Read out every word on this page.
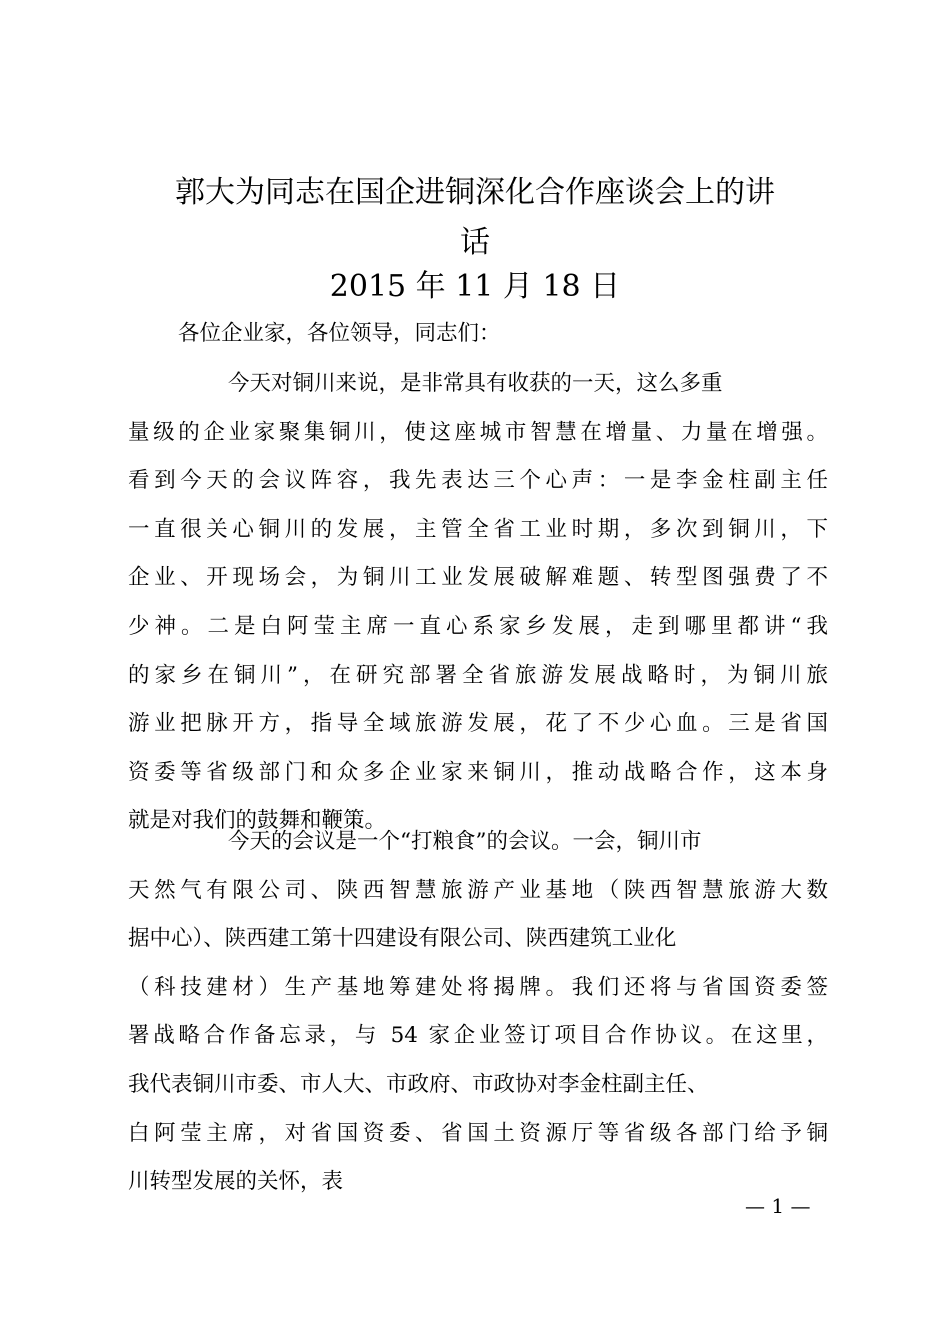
郭大为同志在国企进铜深化合作座谈会上的讲
话
2015 年 11 月 18 日

各位企业家，各位领导，同志们：

今天对铜川来说，是非常具有收获的一天，这么多重
量级的企业家聚集铜川，使这座城市智慧在增量、力量在增强。
看到今天的会议阵容，我先表达三个心声：一是李金柱副主任
一直很关心铜川的发展，主管全省工业时期，多次到铜川，下
企业、开现场会，为铜川工业发展破解难题、转型图强费了不
少神。二是白阿莹主席一直心系家乡发展，走到哪里都讲“我
的家乡在铜川”，在研究部署全省旅游发展战略时，为铜川旅
游业把脉开方，指导全域旅游发展，花了不少心血。三是省国
资委等省级部门和众多企业家来铜川，推动战略合作，这本身
就是对我们的鼓舞和鞭策。
今天的会议是一个“打粮食”的会议。一会，铜川市
天然气有限公司、陕西智慧旅游产业基地（陕西智慧旅游大数
据中心）、陕西建工第十四建设有限公司、陕西建筑工业化
（科技建材）生产基地筹建处将揭牌。我们还将与省国资委签
署战略合作备忘录，与 54 家企业签订项目合作协议。在这里，
我代表铜川市委、市人大、市政府、市政协对李金柱副主任、
白阿莹主席，对省国资委、省国土资源厅等省级各部门给予铜
川转型发展的关怀，表
— 1 —
